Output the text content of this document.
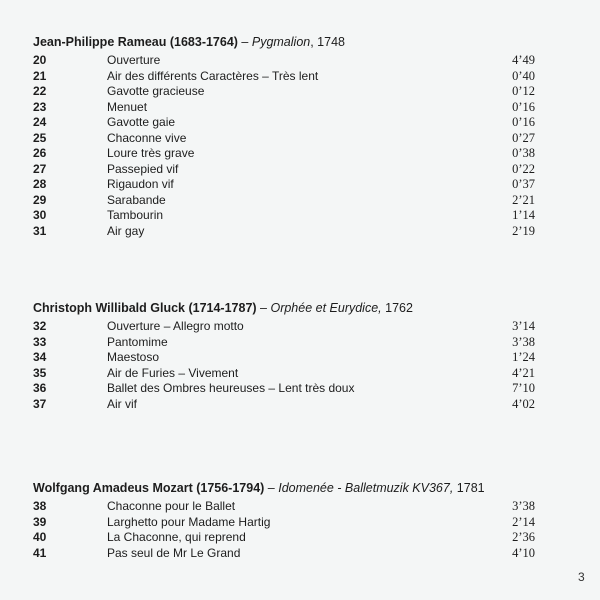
Jean-Philippe Rameau (1683-1764) – Pygmalion, 1748
20	Ouverture	4’49
21	Air des différents Caractères – Très lent	0’40
22	Gavotte gracieuse	0’12
23	Menuet	0’16
24	Gavotte gaie	0’16
25	Chaconne vive	0’27
26	Loure très grave	0’38
27	Passepied vif	0’22
28	Rigaudon vif	0’37
29	Sarabande	2’21
30	Tambourin	1’14
31	Air gay	2’19
Christoph Willibald Gluck (1714-1787) – Orphée et Eurydice, 1762
32	Ouverture – Allegro motto	3’14
33	Pantomime	3’38
34	Maestoso	1’24
35	Air de Furies – Vivement	4’21
36	Ballet des Ombres heureuses – Lent très doux	7’10
37	Air vif	4’02
Wolfgang Amadeus Mozart (1756-1794) – Idomenée - Balletmuzik KV367, 1781
38	Chaconne pour le Ballet	3’38
39	Larghetto pour Madame Hartig	2’14
40	La Chaconne, qui reprend	2’36
41	Pas seul de Mr Le Grand	4’10
3
